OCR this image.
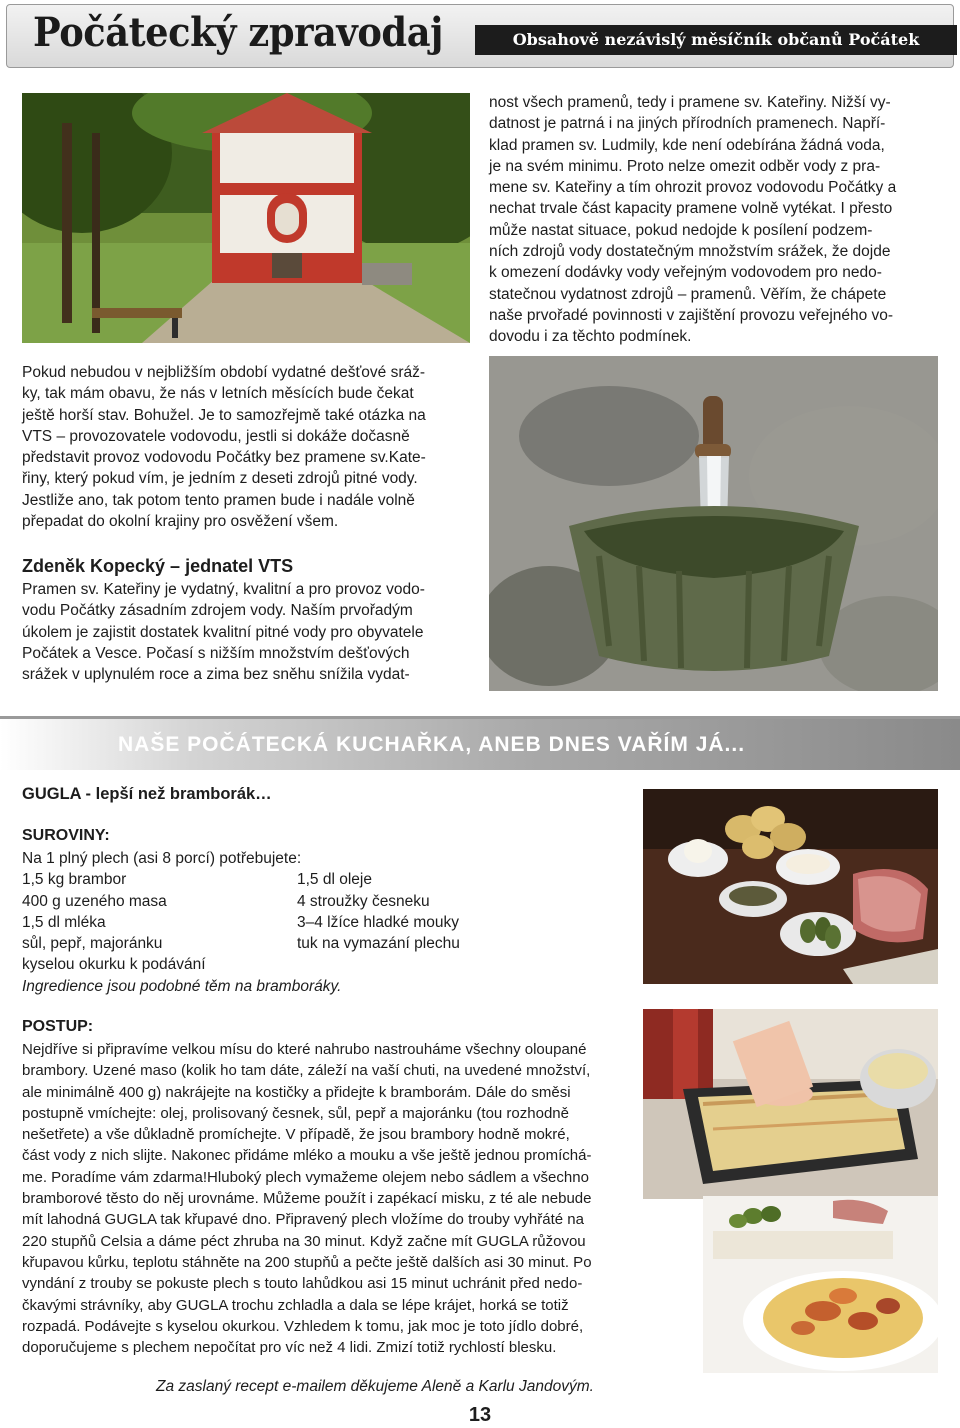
Počátecký zpravodaj	Obsahově nezávislý měsíčník občanů Počátek

nost všech pramenů, tedy i pramene sv. Kateřiny. Nižší vy-

datnost je patrná i na jiných přírodních pramenech. Napří-

klad pramen sv. Ludmily, kde není odebírána žádná voda,

je na svém minimu. Proto nelze omezit odběr vody z pra-

mene sv. Kateřiny a tím ohrozit provoz vodovodu Počátky a

nechat trvale část kapacity pramene volně vytékat. I přesto

může nastat situace, pokud nedojde k posílení podzem-

ních zdrojů vody dostatečným množstvím srážek, že dojde

k omezení dodávky vody veřejným vodovodem pro nedo-

statečnou vydatnost zdrojů – pramenů. Věřím, že chápete

naše prvořadé povinnosti v zajištění provozu veřejného vo-

dovodu i za těchto podmínek.

Pokud nebudou v nejbližším období vydatné dešťové sráž-

ky, tak mám obavu, že nás v letních měsících bude čekat

ještě horší stav. Bohužel. Je to samozřejmě také otázka na

VTS – provozovatele vodovodu, jestli si dokáže dočasně

představit provoz vodovodu Počátky bez pramene sv.Kate-

řiny, který pokud vím, je jedním z deseti zdrojů pitné vody.

Jestliže ano, tak potom tento pramen bude i nadále volně

přepadat do okolní krajiny pro osvěžení všem.

Zdeněk Kopecký – jednatel VTS

Pramen sv. Kateřiny je vydatný, kvalitní a pro provoz vodo-

vodu Počátky zásadním zdrojem vody. Naším prvořadým

úkolem je zajistit dostatek kvalitní pitné vody pro obyvatele

Počátek a Vesce. Počasí s nižším množstvím dešťových

srážek v uplynulém roce a zima bez sněhu snížila vydat-

NAŠE POČÁTECKÁ KUCHAŘKA, ANEB DNES VAŘÍM JÁ...
GUGLA - lepší než bramborák…
SUROVINY:
Na 1 plný plech (asi 8 porcí) potřebujete:
1,5 kg brambor	1,5 dl oleje
400 g uzeného masa	4 stroužky česneku
1,5 dl mléka	3–4 lžíce hladké mouky
sůl, pepř, majoránku	tuk na vymazání plechu
kyselou okurku k podávání
Ingredience jsou podobné těm na bramboráky.
POSTUP:

Nejdříve si připravíme velkou mísu do které nahrubo nastrouháme všechny oloupané

brambory. Uzené maso (kolik ho tam dáte, záleží na vaší chuti, na uvedené množství,

ale minimálně 400 g) nakrájejte na kostičky a přidejte k bramborám. Dále do směsi

postupně vmíchejte: olej, prolisovaný česnek, sůl, pepř a majoránku (tou rozhodně

nešetřete) a vše důkladně promíchejte. V případě, že jsou brambory hodně mokré,

část vody z nich slijte. Nakonec přidáme mléko a mouku a vše ještě jednou promíchá-

me. Poradíme vám zdarma!Hluboký plech vymažeme olejem nebo sádlem a všechno

bramborové těsto do něj urovnáme. Můžeme použít i zapékací misku, z té ale nebude

mít lahodná GUGLA tak křupavé dno. Připravený plech vložíme do trouby vyhřáté na

220 stupňů Celsia a dáme péct zhruba na 30 minut. Když začne mít GUGLA růžovou

křupavou kůrku, teplotu stáhněte na 200 stupňů a pečte ještě dalších asi 30 minut. Po

vyndání z trouby se pokuste plech s touto lahůdkou asi 15 minut uchránit před nedo-

čkavými strávníky, aby GUGLA trochu zchladla a dala se lépe krájet, horká se totiž

rozpadá. Podávejte s kyselou okurkou. Vzhledem k tomu, jak moc je toto jídlo dobré,

doporučujeme s plechem nepočítat pro víc než 4 lidi. Zmizí totiž rychlostí blesku.

Za zaslaný recept e-mailem děkujeme Aleně a Karlu Jandovým.
13
